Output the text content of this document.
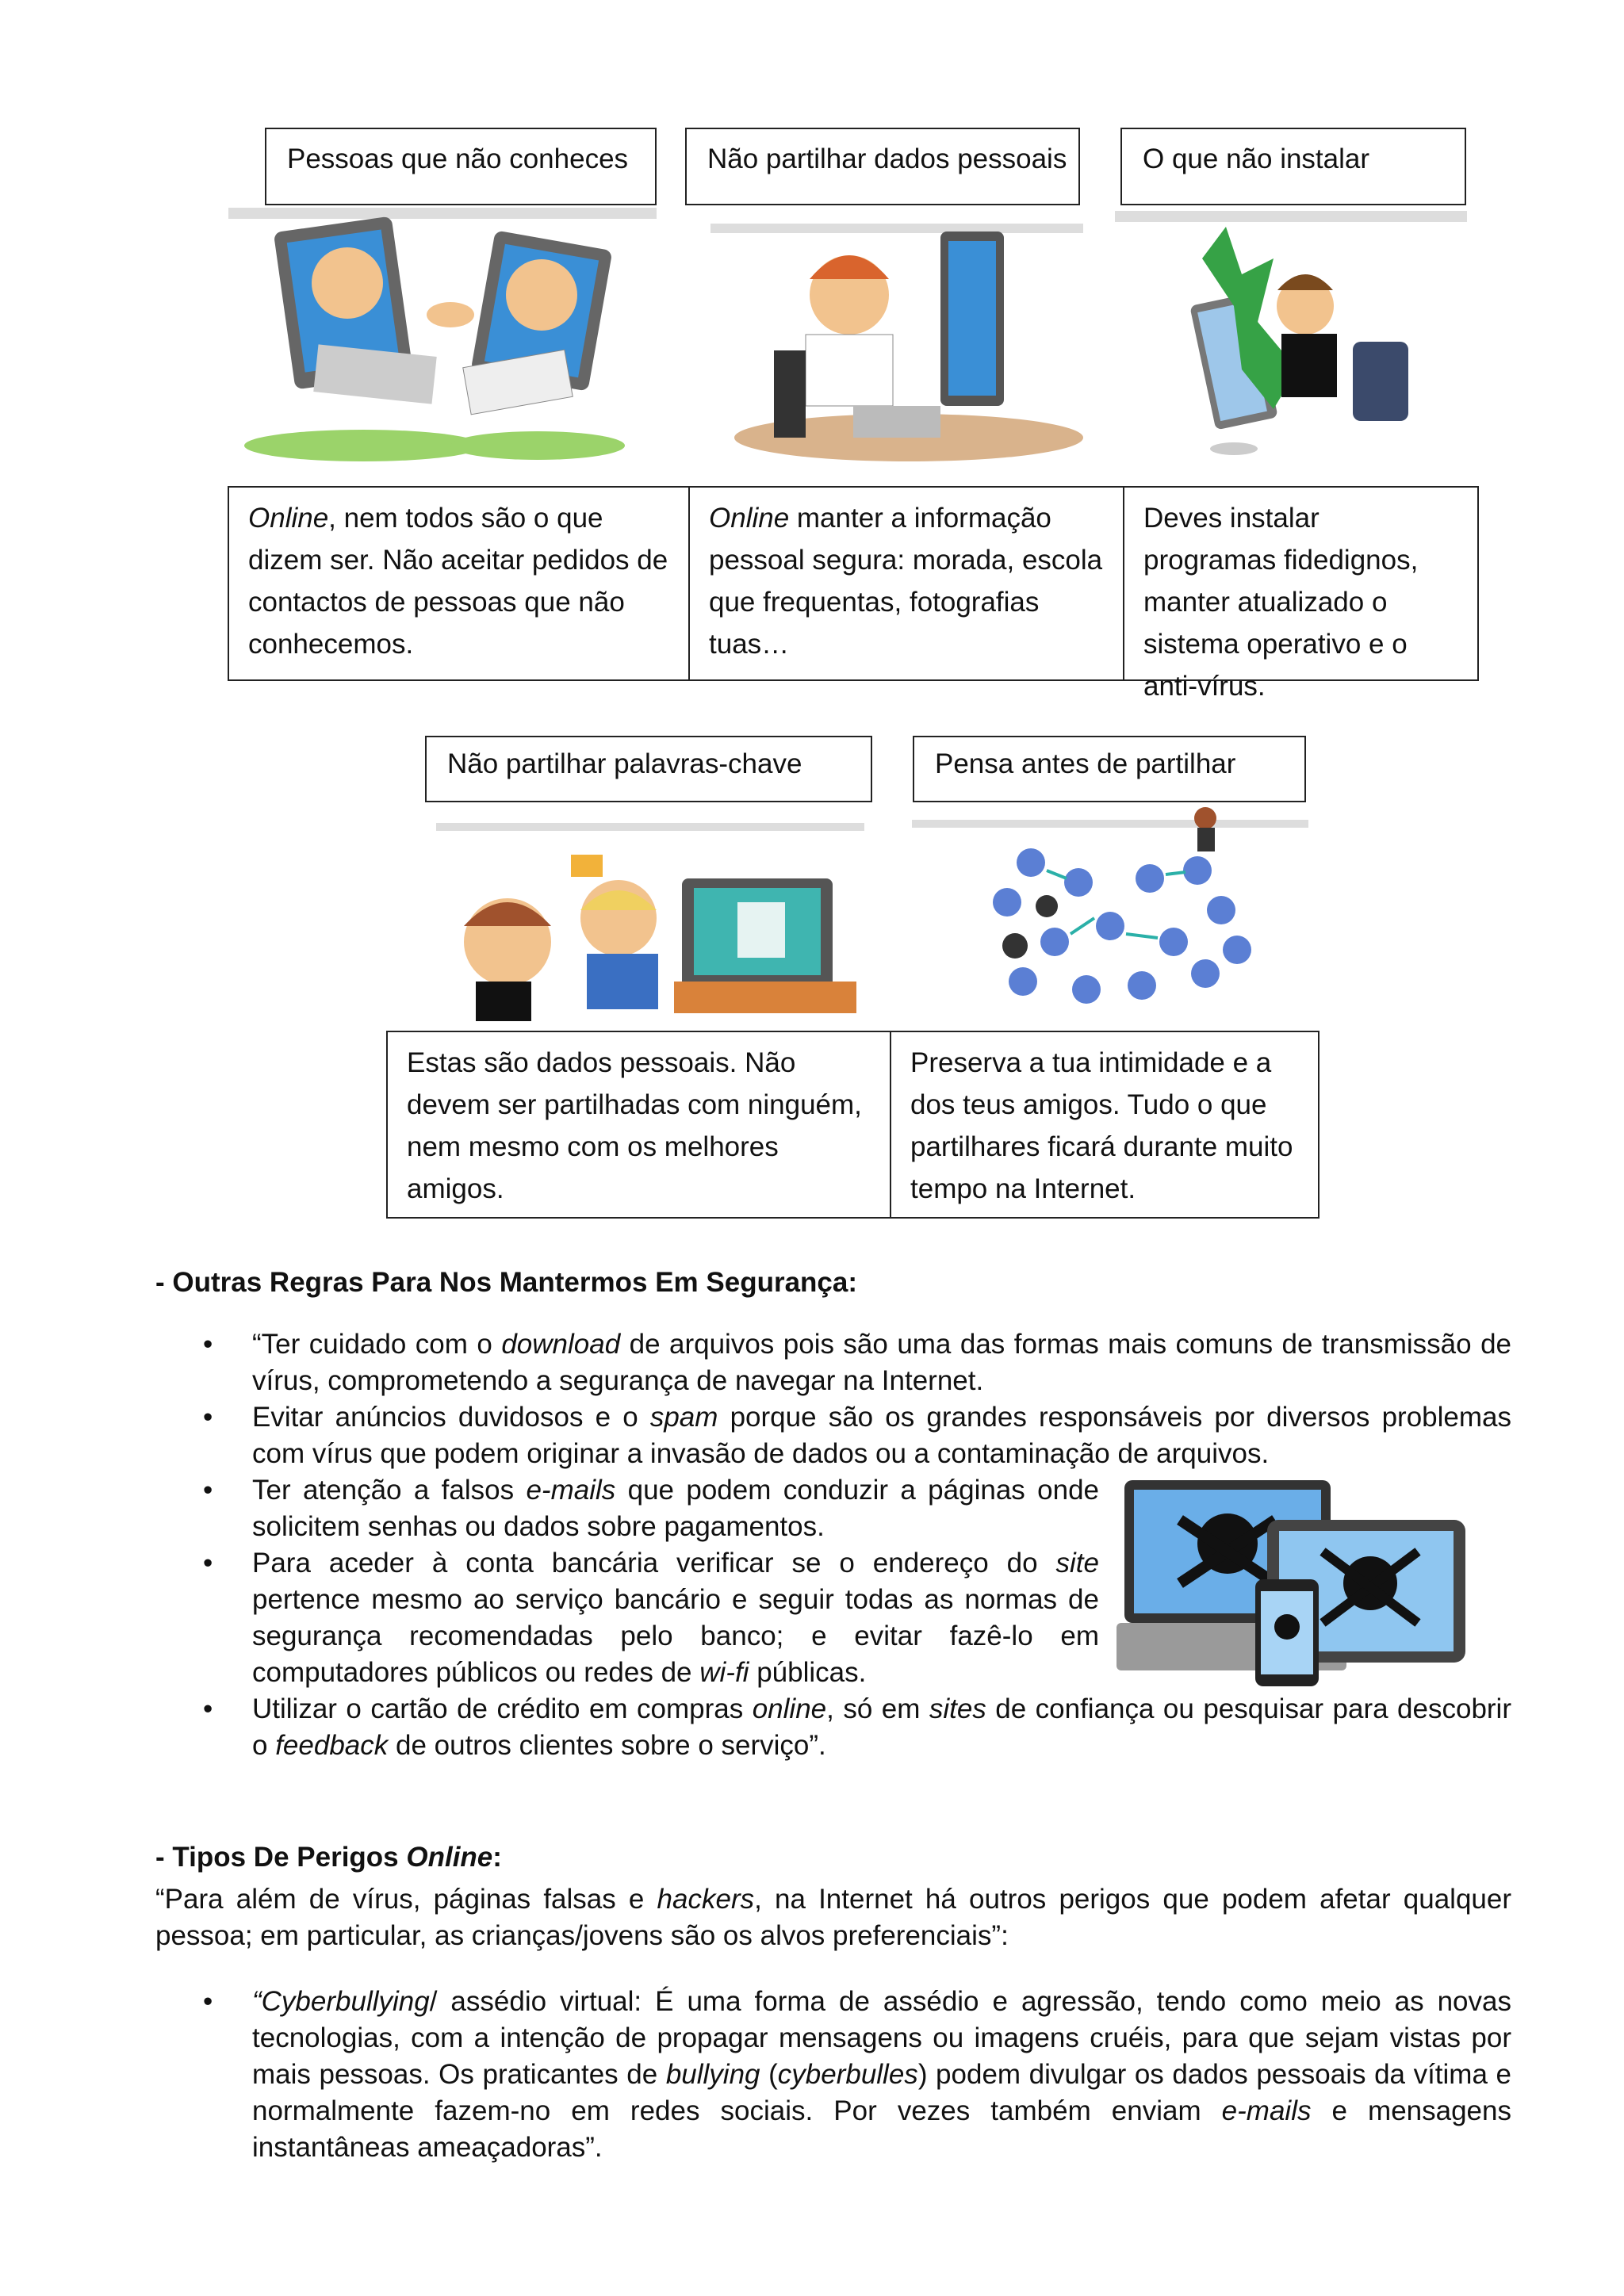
Pessoas que não conheces	Não partilhar dados pessoais	O que não instalar
Online, nem todos são o que dizem ser. Não aceitar pedidos de contactos de pessoas que não conhecemos.
Online manter a informação pessoal segura: morada, escola que frequentas, fotografias tuas…
Deves instalar programas fidedignos, manter atualizado o sistema operativo e o anti-vírus.
Não partilhar palavras-chave	Pensa antes de partilhar
Estas são dados pessoais. Não devem ser partilhadas com ninguém, nem mesmo com os melhores amigos.
Preserva a tua intimidade e a dos teus amigos. Tudo o que partilhares ficará durante muito tempo na Internet.
- Outras Regras Para Nos Mantermos Em Segurança:
• “Ter cuidado com o download de arquivos pois são uma das formas mais comuns de transmissão de vírus, comprometendo a segurança de navegar na Internet.
• Evitar anúncios duvidosos e o spam porque são os grandes responsáveis por diversos problemas com vírus que podem originar a invasão de dados ou a contaminação de arquivos.
• Ter atenção a falsos e-mails que podem conduzir a páginas onde solicitem senhas ou dados sobre pagamentos.
• Para aceder à conta bancária verificar se o endereço do site pertence mesmo ao serviço bancário e seguir todas as normas de segurança recomendadas pelo banco; e evitar fazê-lo em computadores públicos ou redes de wi-fi públicas.
• Utilizar o cartão de crédito em compras online, só em sites de confiança ou pesquisar para descobrir o feedback de outros clientes sobre o serviço”.
- Tipos De Perigos Online:
“Para além de vírus, páginas falsas e hackers, na Internet há outros perigos que podem afetar qualquer pessoa; em particular, as crianças/jovens são os alvos preferenciais”:
• “Cyberbullying/ assédio virtual: É uma forma de assédio e agressão, tendo como meio as novas tecnologias, com a intenção de propagar mensagens ou imagens cruéis, para que sejam vistas por mais pessoas. Os praticantes de bullying (cyberbulles) podem divulgar os dados pessoais da vítima e normalmente fazem-no em redes sociais. Por vezes também enviam e-mails e mensagens instantâneas ameaçadoras”.
